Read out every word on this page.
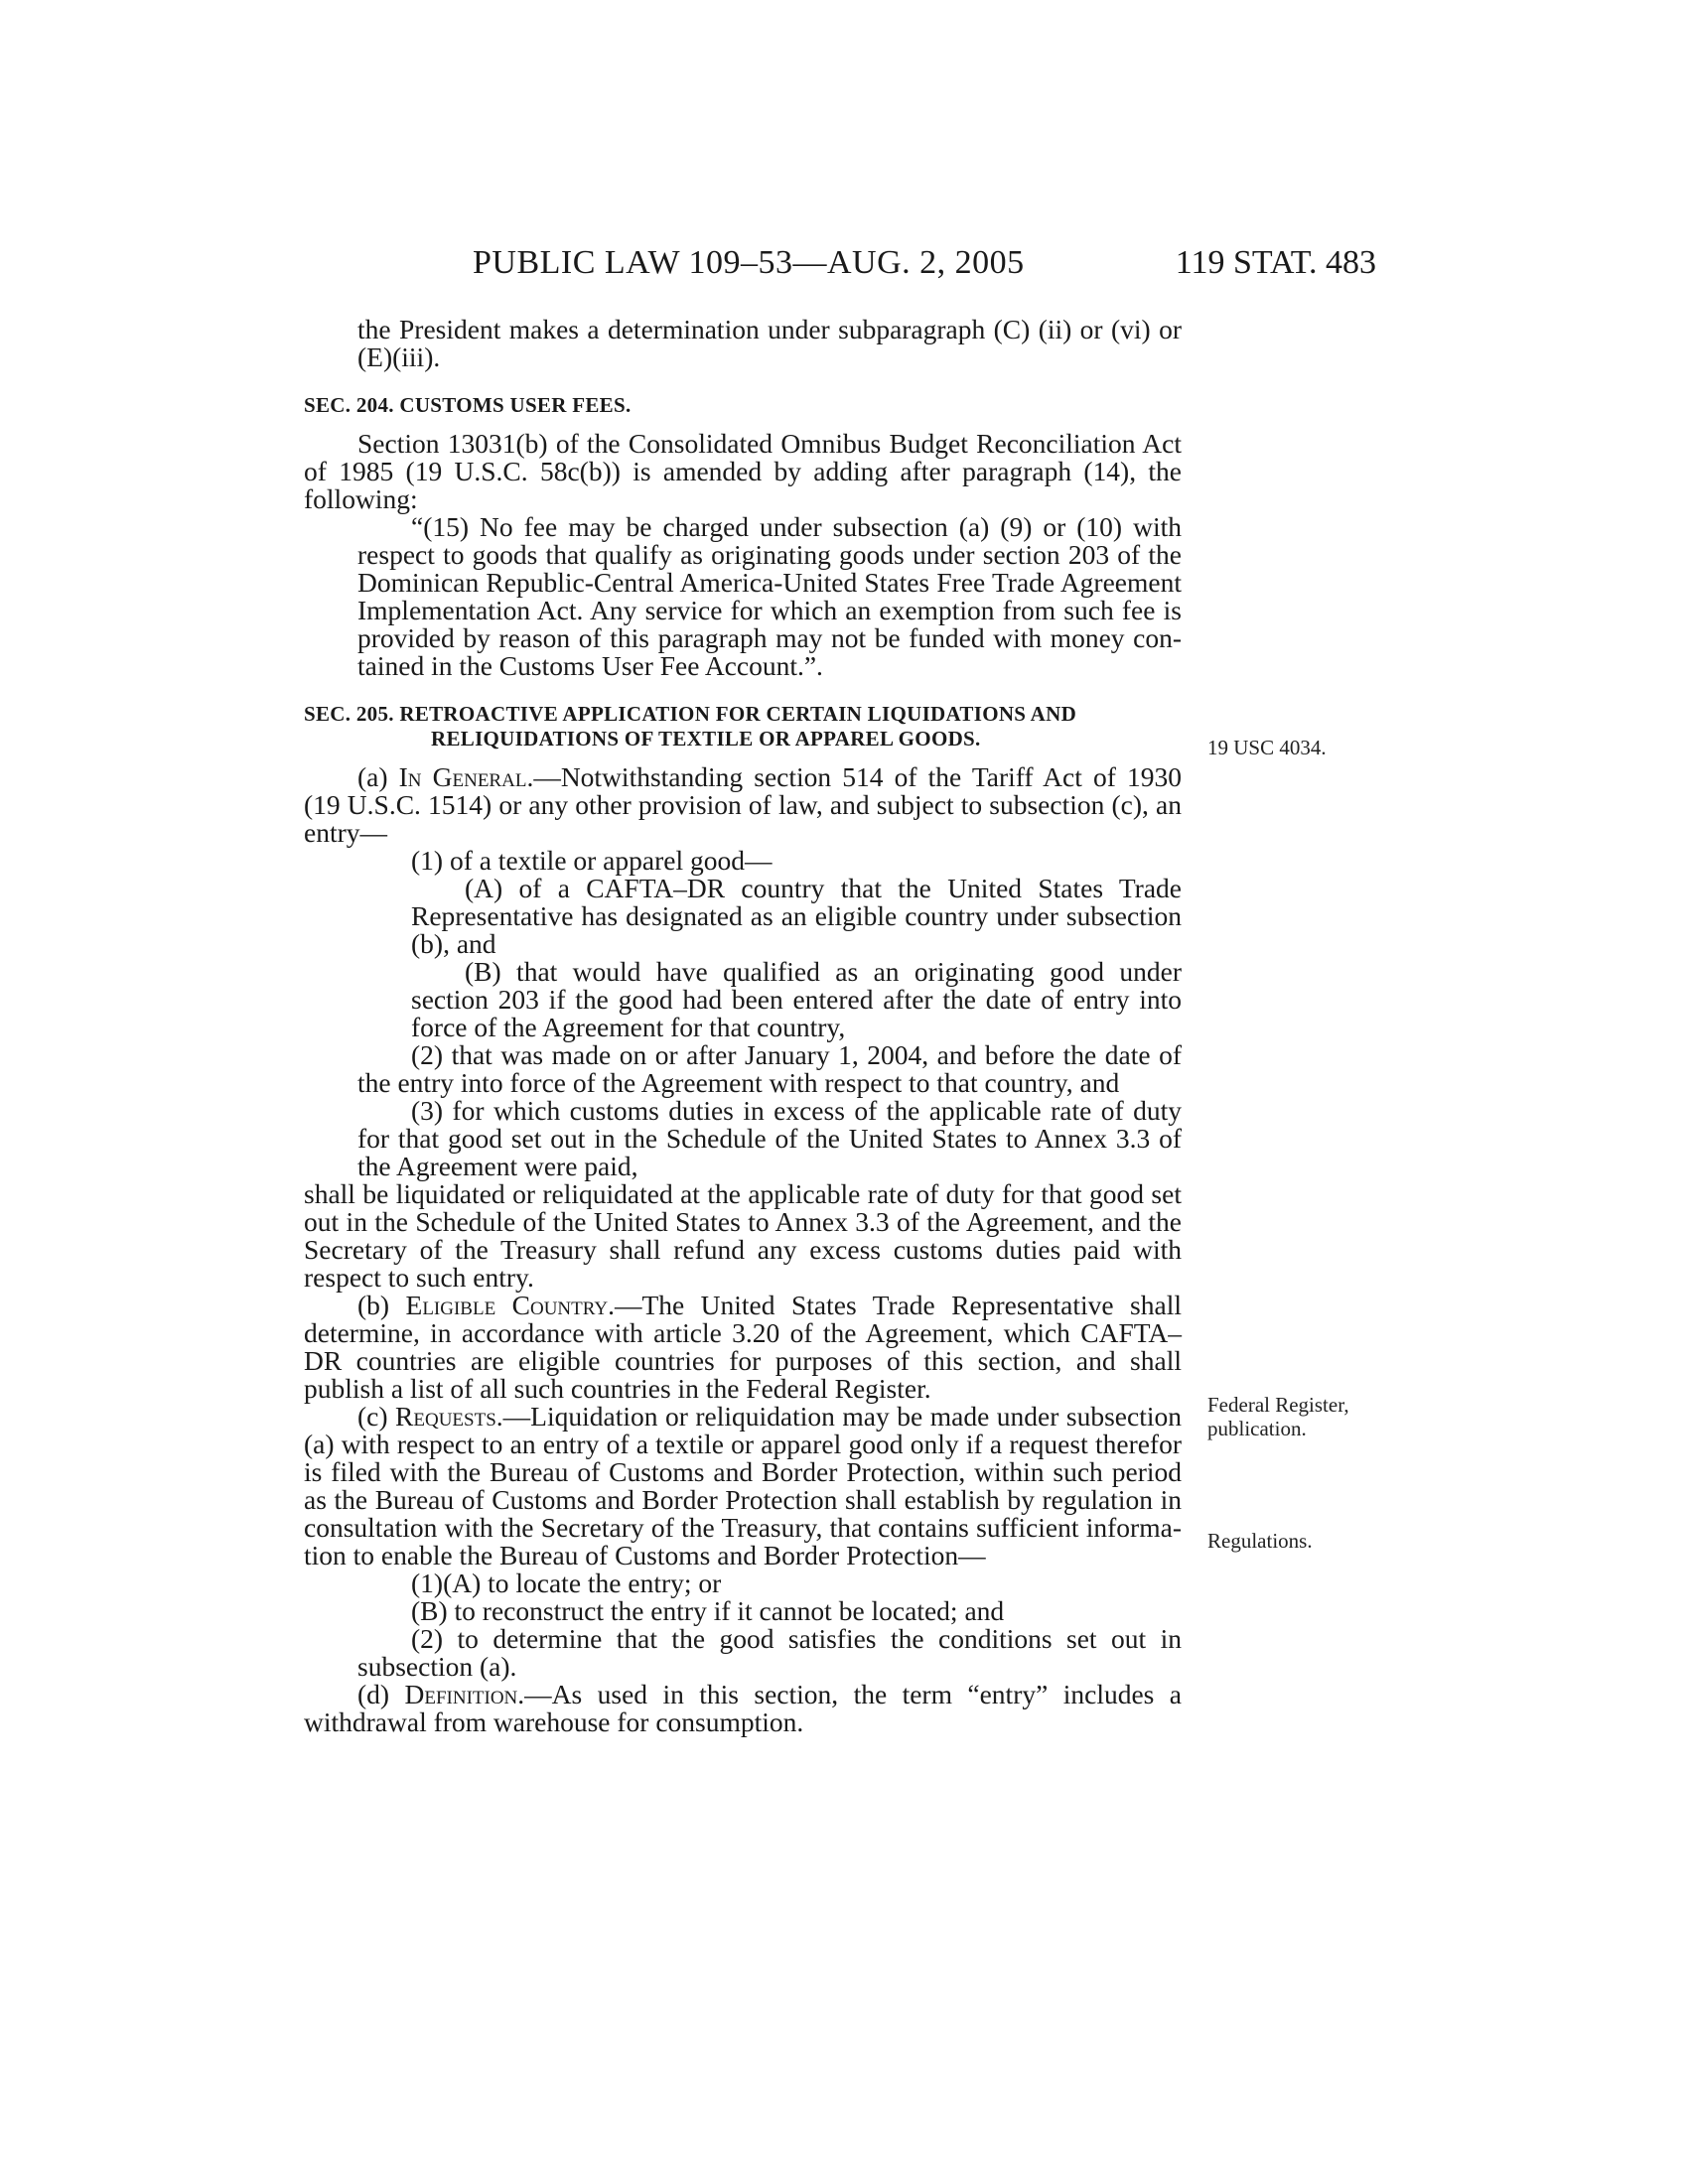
PUBLIC LAW 109–53—AUG. 2, 2005	119 STAT. 483

the President makes a determination under subparagraph (C) (ii) or (vi) or (E)(iii).

SEC. 204. CUSTOMS USER FEES.

Section 13031(b) of the Consolidated Omnibus Budget Reconciliation Act of 1985 (19 U.S.C. 58c(b)) is amended by adding after paragraph (14), the following:

“(15) No fee may be charged under subsection (a) (9) or (10) with respect to goods that qualify as originating goods under section 203 of the Dominican Republic-Central America-United States Free Trade Agreement Implementation Act. Any service for which an exemption from such fee is provided by reason of this paragraph may not be funded with money contained in the Customs User Fee Account.”.

SEC. 205. RETROACTIVE APPLICATION FOR CERTAIN LIQUIDATIONS AND RELIQUIDATIONS OF TEXTILE OR APPAREL GOODS.

(a) In General.—Notwithstanding section 514 of the Tariff Act of 1930 (19 U.S.C. 1514) or any other provision of law, and subject to subsection (c), an entry—

(1) of a textile or apparel good—

(A) of a CAFTA–DR country that the United States Trade Representative has designated as an eligible country under subsection (b), and

(B) that would have qualified as an originating good under section 203 if the good had been entered after the date of entry into force of the Agreement for that country,

(2) that was made on or after January 1, 2004, and before the date of the entry into force of the Agreement with respect to that country, and

(3) for which customs duties in excess of the applicable rate of duty for that good set out in the Schedule of the United States to Annex 3.3 of the Agreement were paid,

shall be liquidated or reliquidated at the applicable rate of duty for that good set out in the Schedule of the United States to Annex 3.3 of the Agreement, and the Secretary of the Treasury shall refund any excess customs duties paid with respect to such entry.

(b) Eligible Country.—The United States Trade Representative shall determine, in accordance with article 3.20 of the Agreement, which CAFTA–DR countries are eligible countries for purposes of this section, and shall publish a list of all such countries in the Federal Register.

(c) Requests.—Liquidation or reliquidation may be made under subsection (a) with respect to an entry of a textile or apparel good only if a request therefor is filed with the Bureau of Customs and Border Protection, within such period as the Bureau of Customs and Border Protection shall establish by regulation in consultation with the Secretary of the Treasury, that contains sufficient information to enable the Bureau of Customs and Border Protection—

(1)(A) to locate the entry; or

(B) to reconstruct the entry if it cannot be located; and

(2) to determine that the good satisfies the conditions set out in subsection (a).

(d) Definition.—As used in this section, the term “entry” includes a withdrawal from warehouse for consumption.

19 USC 4034.
Federal Register, publication.
Regulations.
